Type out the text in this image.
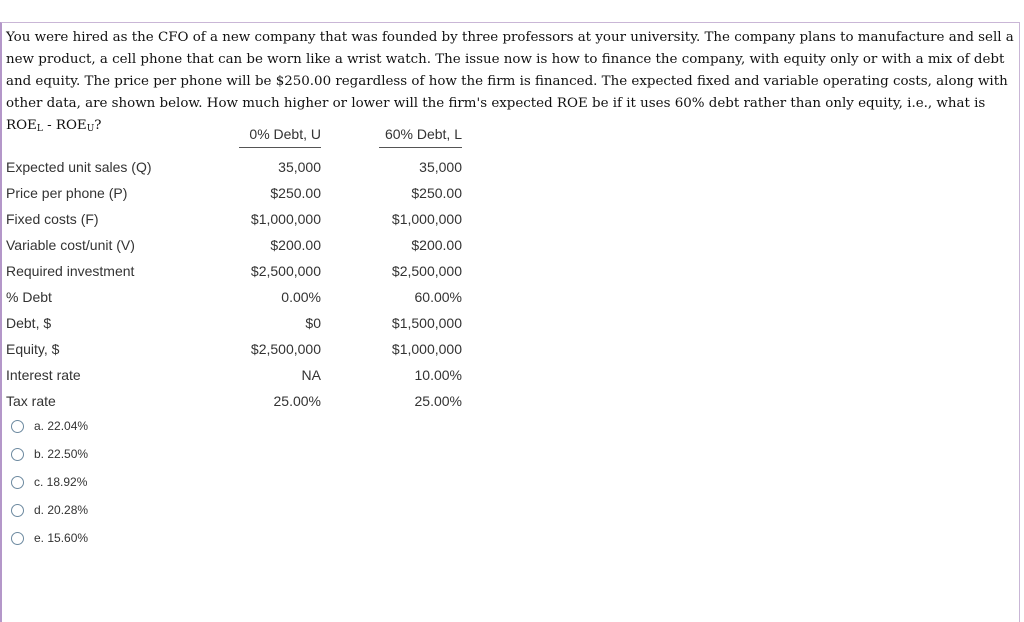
You were hired as the CFO of a new company that was founded by three professors at your university. The company plans to manufacture and sell a new product, a cell phone that can be worn like a wrist watch. The issue now is how to finance the company, with equity only or with a mix of debt and equity. The price per phone will be $250.00 regardless of how the firm is financed. The expected fixed and variable operating costs, along with other data, are shown below. How much higher or lower will the firm's expected ROE be if it uses 60% debt rather than only equity, i.e., what is $ROE_L - ROE_U$?
	0% Debt, U	60% Debt, L
Expected unit sales (Q)	35,000	35,000
Price per phone (P)	$250.00	$250.00
Fixed costs (F)	$1,000,000	$1,000,000
Variable cost/unit (V)	$200.00	$200.00
Required investment	$2,500,000	$2,500,000
% Debt	0.00%	60.00%
Debt, $	$0	$1,500,000
Equity, $	$2,500,000	$1,000,000
Interest rate	NA	10.00%
Tax rate	25.00%	25.00%
a. 22.04%
b. 22.50%
c. 18.92%
d. 20.28%
e. 15.60%
